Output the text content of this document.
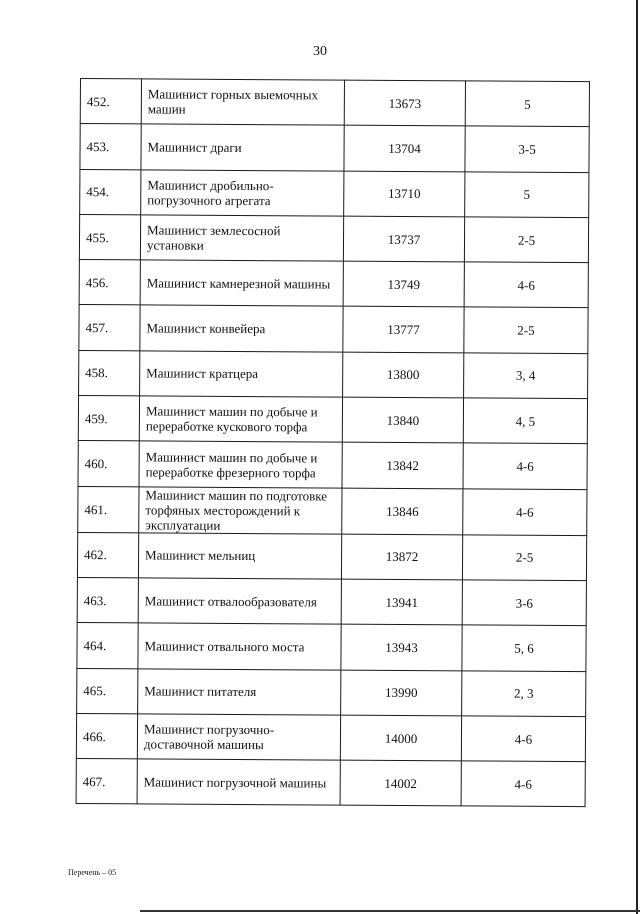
30
452.	Машинист горных выемочных машин	13673	5
453.	Машинист драги	13704	3-5
454.	Машинист дробильно-погрузочного агрегата	13710	5
455.	Машинист землесосной установки	13737	2-5
456.	Машинист камнерезной машины	13749	4-6
457.	Машинист конвейера	13777	2-5
458.	Машинист кратцера	13800	3, 4
459.	Машинист машин по добыче и переработке кускового торфа	13840	4, 5
460.	Машинист машин по добыче и переработке фрезерного торфа	13842	4-6
461.	Машинист машин по подготовке торфяных месторождений к эксплуатации	13846	4-6
462.	Машинист мельниц	13872	2-5
463.	Машинист отвалообразователя	13941	3-6
464.	Машинист отвального моста	13943	5, 6
465.	Машинист питателя	13990	2, 3
466.	Машинист погрузочно-доставочной машины	14000	4-6
467.	Машинист погрузочной машины	14002	4-6
Перечень – 05
